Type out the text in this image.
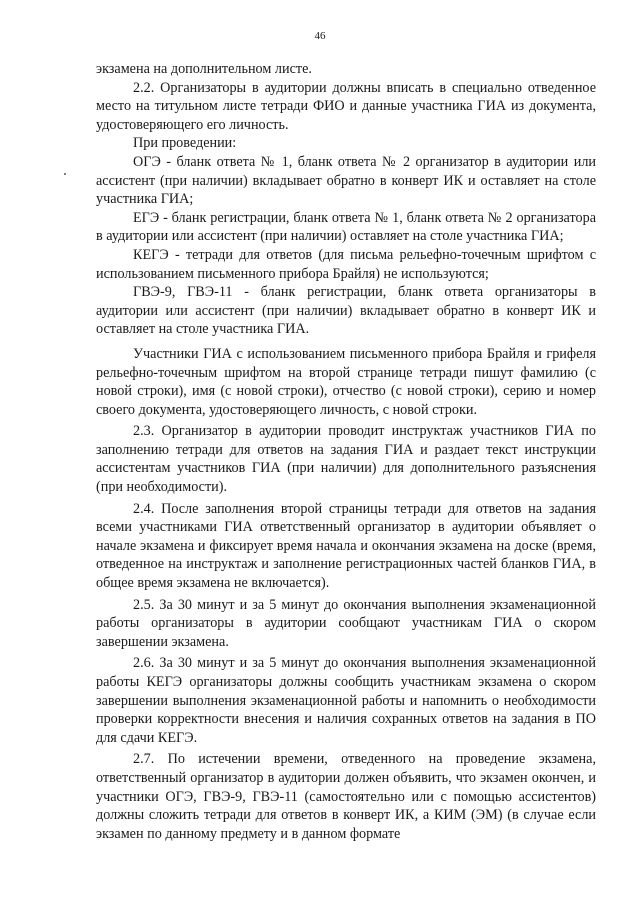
46

экзамена на дополнительном листе.

2.2. Организаторы в аудитории должны вписать в специально отведенное место на титульном листе тетради ФИО и данные участника ГИА из документа, удостоверяющего его личность.

При проведении:

ОГЭ - бланк ответа № 1, бланк ответа № 2 организатор в аудитории или ассистент (при наличии) вкладывает обратно в конверт ИК и оставляет на столе участника ГИА;

ЕГЭ - бланк регистрации, бланк ответа № 1, бланк ответа № 2 организатора в аудитории или ассистент (при наличии) оставляет на столе участника ГИА;

КЕГЭ - тетради для ответов (для письма рельефно-точечным шрифтом с использованием письменного прибора Брайля) не используются;

ГВЭ-9, ГВЭ-11 - бланк регистрации, бланк ответа организаторы в аудитории или ассистент (при наличии) вкладывает обратно в конверт ИК и оставляет на столе участника ГИА.

Участники ГИА с использованием письменного прибора Брайля и грифеля рельефно-точечным шрифтом на второй странице тетради пишут фамилию (с новой строки), имя (с новой строки), отчество (с новой строки), серию и номер своего документа, удостоверяющего личность, с новой строки.

2.3. Организатор в аудитории проводит инструктаж участников ГИА по заполнению тетради для ответов на задания ГИА и раздает текст инструкции ассистентам участников ГИА (при наличии) для дополнительного разъяснения (при необходимости).

2.4. После заполнения второй страницы тетради для ответов на задания всеми участниками ГИА ответственный организатор в аудитории объявляет о начале экзамена и фиксирует время начала и окончания экзамена на доске (время, отведенное на инструктаж и заполнение регистрационных частей бланков ГИА, в общее время экзамена не включается).

2.5. За 30 минут и за 5 минут до окончания выполнения экзаменационной работы организаторы в аудитории сообщают участникам ГИА о скором завершении экзамена.

2.6. За 30 минут и за 5 минут до окончания выполнения экзаменационной работы КЕГЭ организаторы должны сообщить участникам экзамена о скором завершении выполнения экзаменационной работы и напомнить о необходимости проверки корректности внесения и наличия сохранных ответов на задания в ПО для сдачи КЕГЭ.

2.7. По истечении времени, отведенного на проведение экзамена, ответственный организатор в аудитории должен объявить, что экзамен окончен, и участники ОГЭ, ГВЭ-9, ГВЭ-11 (самостоятельно или с помощью ассистентов) должны сложить тетради для ответов в конверт ИК, а КИМ (ЭМ) (в случае если экзамен по данному предмету и в данном формате
